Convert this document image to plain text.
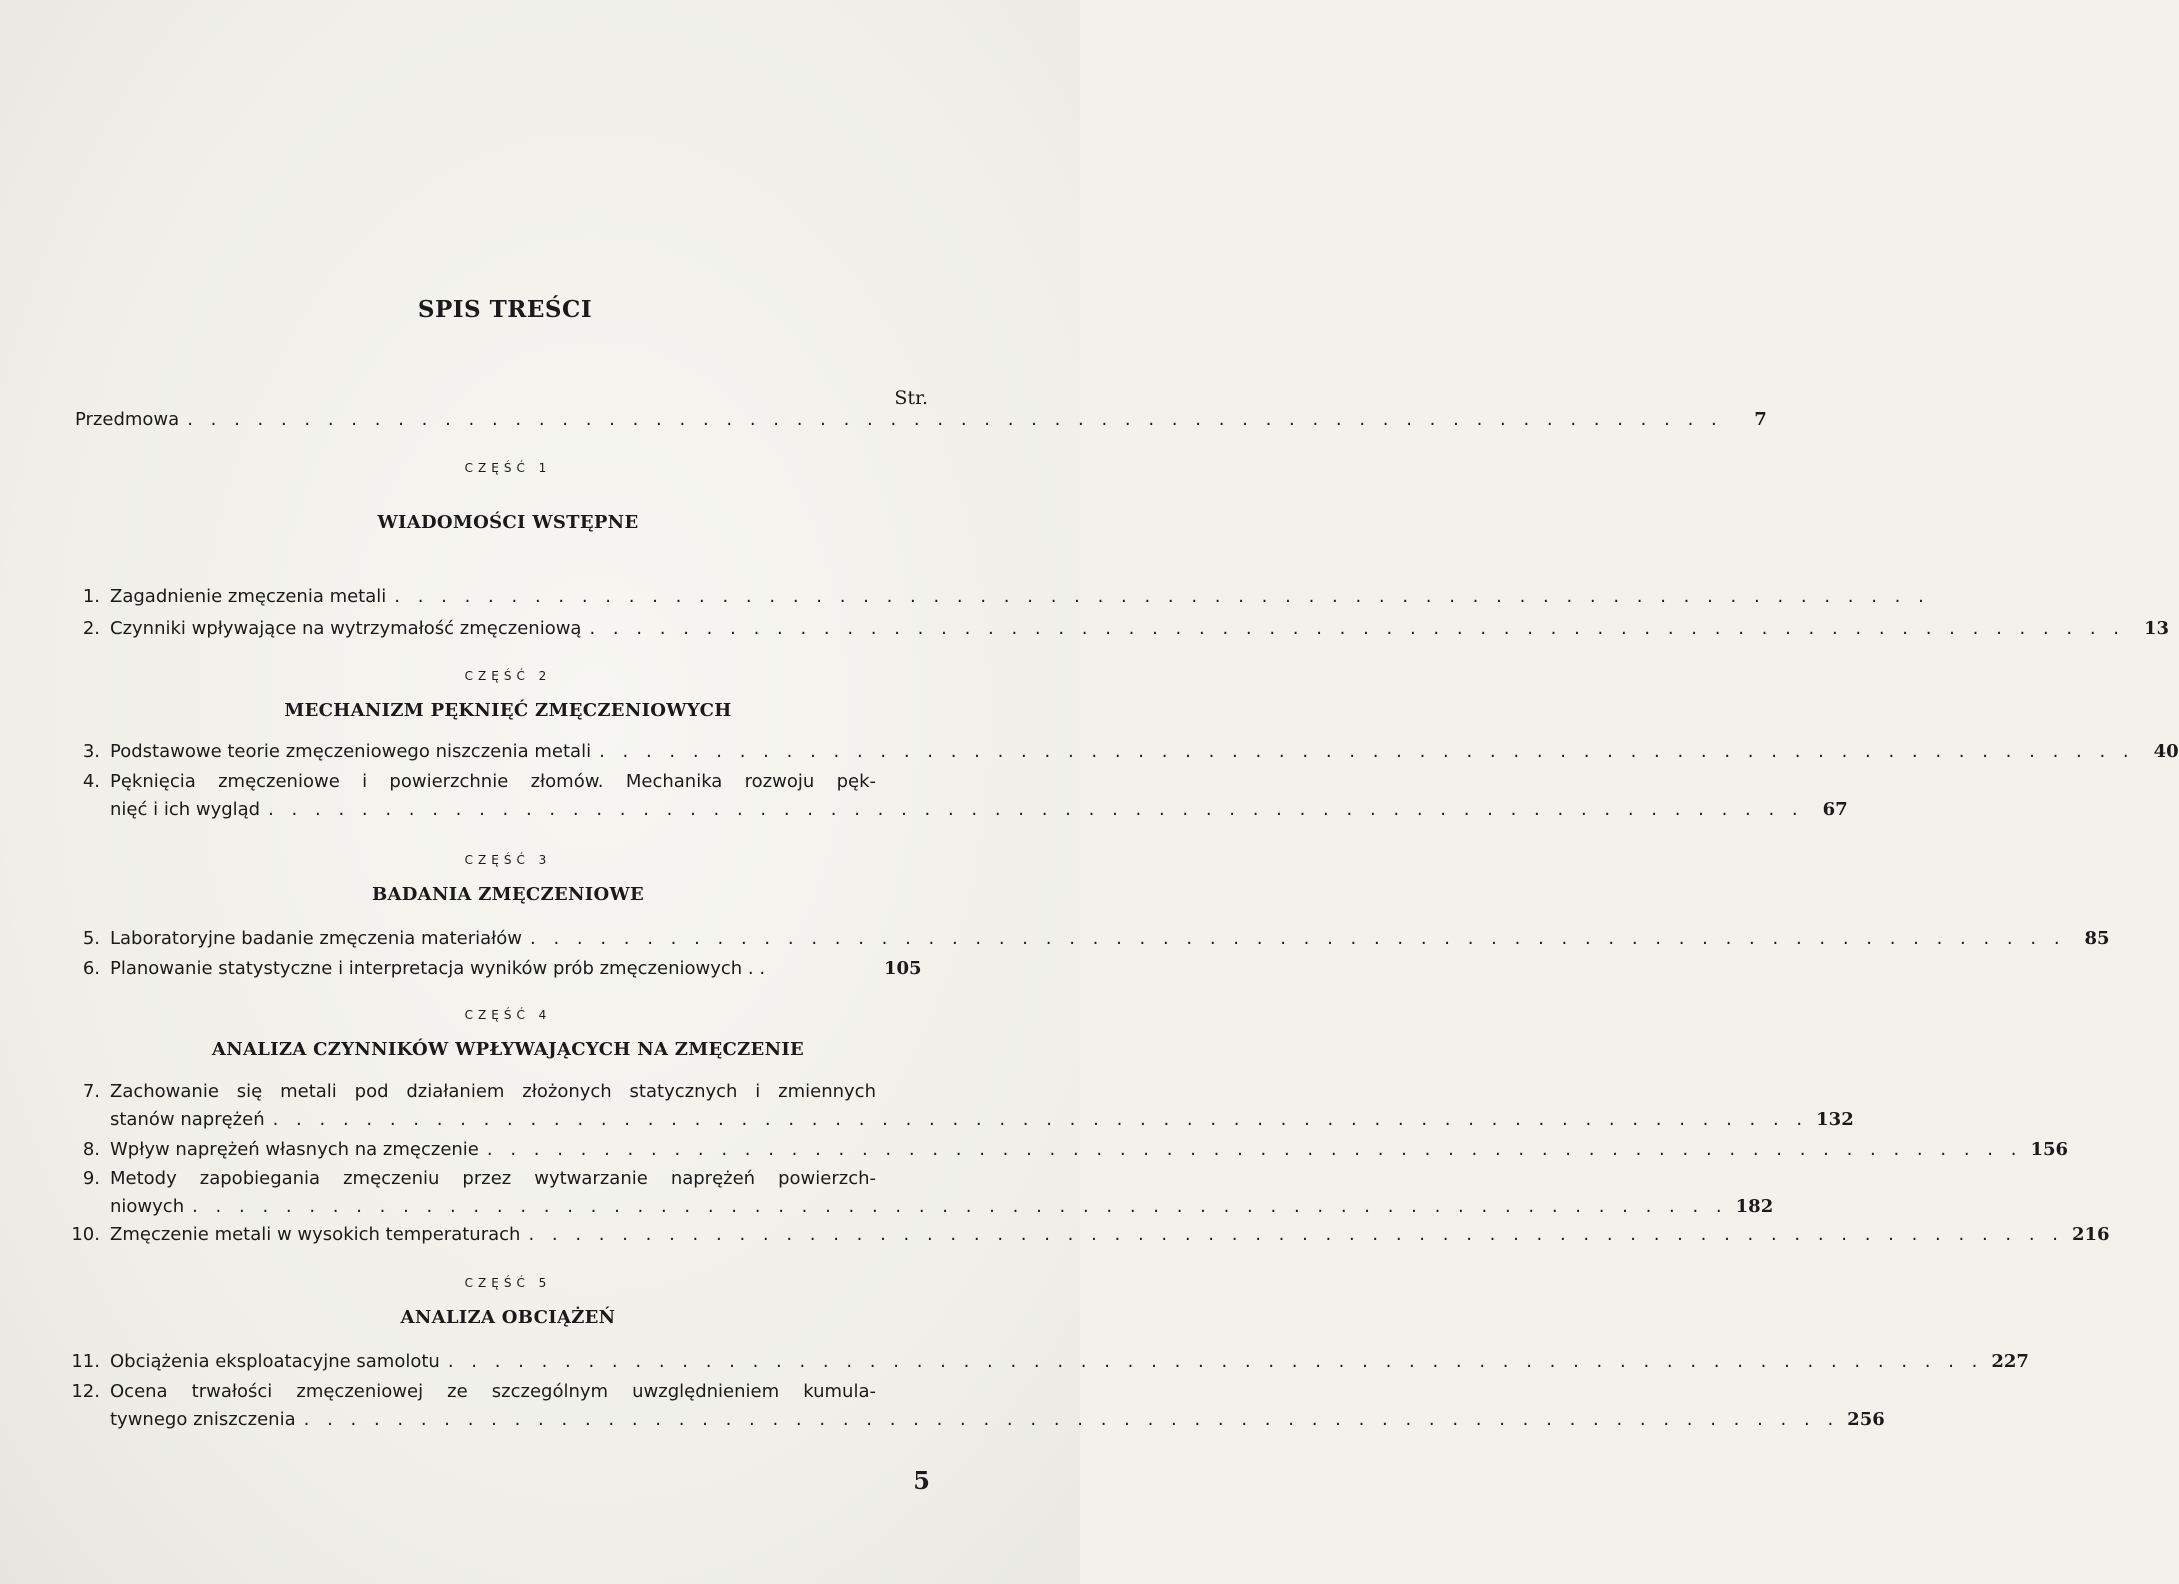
SPIS TREŚCI
Str.
Przedmowa . . . . . . . . . . . . . . . . . . . . . . . . . . . . . . . . . . . . . . . . . . . . . . . . . . . . . . . . . . . . . . . . . .	7
CZĘŚĆ 1
WIADOMOŚCI WSTĘPNE
1. Zagadnienie zmęczenia metali . . . . . . . . . . . . . . . . . . . . . . . . . . . . . . . . . . . . . . . . . . . . . . . . . . . . . . . . . . . . . . . . . .
2. Czynniki wpływające na wytrzymałość zmęczeniową . . . . . . . . . . . . . . . . . . . . . . . . . . . . . . . . . . . . . . . . . . . . . . . . . . . . . . . . . . . . . . . . . .	13
CZĘŚĆ 2
MECHANIZM PĘKNIĘĆ ZMĘCZENIOWYCH
3. Podstawowe teorie zmęczeniowego niszczenia metali . . . . . . . . . . . . . . . . . . . . . . . . . . . . . . . . . . . . . . . . . . . . . . . . . . . . . . . . . . . . . . . . . .	40
4. Pęknięcia zmęczeniowe i powierzchnie złomów. Mechanika rozwoju pęk-
nięć i ich wygląd . . . . . . . . . . . . . . . . . . . . . . . . . . . . . . . . . . . . . . . . . . . . . . . . . . . . . . . . . . . . . . . . . .	67
CZĘŚĆ 3
BADANIA ZMĘCZENIOWE
5. Laboratoryjne badanie zmęczenia materiałów . . . . . . . . . . . . . . . . . . . . . . . . . . . . . . . . . . . . . . . . . . . . . . . . . . . . . . . . . . . . . . . . . .	85
6. Planowanie statystyczne i interpretacja wyników prób zmęczeniowych . .	105
CZĘŚĆ 4
ANALIZA CZYNNIKÓW WPŁYWAJĄCYCH NA ZMĘCZENIE
7. Zachowanie się metali pod działaniem złożonych statycznych i zmiennych
stanów naprężeń . . . . . . . . . . . . . . . . . . . . . . . . . . . . . . . . . . . . . . . . . . . . . . . . . . . . . . . . . . . . . . . . . . 132
8. Wpływ naprężeń własnych na zmęczenie . . . . . . . . . . . . . . . . . . . . . . . . . . . . . . . . . . . . . . . . . . . . . . . . . . . . . . . . . . . . . . . . . . 156
9. Metody zapobiegania zmęczeniu przez wytwarzanie naprężeń powierzch-
niowych . . . . . . . . . . . . . . . . . . . . . . . . . . . . . . . . . . . . . . . . . . . . . . . . . . . . . . . . . . . . . . . . . . 182
10. Zmęczenie metali w wysokich temperaturach . . . . . . . . . . . . . . . . . . . . . . . . . . . . . . . . . . . . . . . . . . . . . . . . . . . . . . . . . . . . . . . . . . 216
CZĘŚĆ 5
ANALIZA OBCIĄŻEŃ
11. Obciążenia eksploatacyjne samolotu . . . . . . . . . . . . . . . . . . . . . . . . . . . . . . . . . . . . . . . . . . . . . . . . . . . . . . . . . . . . . . . . . . 227
12. Ocena trwałości zmęczeniowej ze szczególnym uwzględnieniem kumula-
tywnego zniszczenia . . . . . . . . . . . . . . . . . . . . . . . . . . . . . . . . . . . . . . . . . . . . . . . . . . . . . . . . . . . . . . . . . . 256
5
